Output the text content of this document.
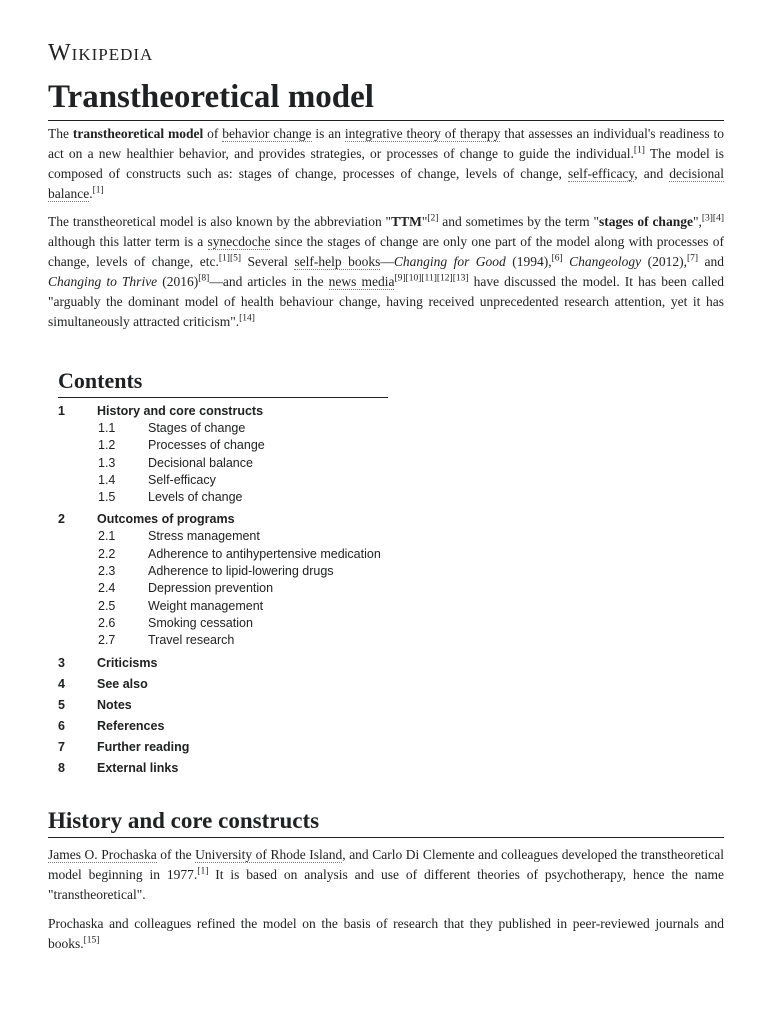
Wikipedia
Transtheoretical model

The transtheoretical model of behavior change is an integrative theory of therapy that assesses an individual's readiness to act on a new healthier behavior, and provides strategies, or processes of change to guide the individual.[1] The model is composed of constructs such as: stages of change, processes of change, levels of change, self-efficacy, and decisional balance.[1]

The transtheoretical model is also known by the abbreviation "TTM"[2] and sometimes by the term "stages of change",[3][4] although this latter term is a synecdoche since the stages of change are only one part of the model along with processes of change, levels of change, etc.[1][5] Several self-help books—Changing for Good (1994),[6] Changeology (2012),[7] and Changing to Thrive (2016)[8]—and articles in the news media[9][10][11][12][13] have discussed the model. It has been called "arguably the dominant model of health behaviour change, having received unprecedented research attention, yet it has simultaneously attracted criticism".[14]

Contents
1	History and core constructs
1.1	Stages of change
1.2	Processes of change
1.3	Decisional balance
1.4	Self-efficacy
1.5	Levels of change
2	Outcomes of programs
2.1	Stress management
2.2	Adherence to antihypertensive medication
2.3	Adherence to lipid-lowering drugs
2.4	Depression prevention
2.5	Weight management
2.6	Smoking cessation
2.7	Travel research
3	Criticisms
4	See also
5	Notes
6	References
7	Further reading
8	External links
History and core constructs

James O. Prochaska of the University of Rhode Island, and Carlo Di Clemente and colleagues developed the transtheoretical model beginning in 1977.[1] It is based on analysis and use of different theories of psychotherapy, hence the name "transtheoretical".

Prochaska and colleagues refined the model on the basis of research that they published in peer-reviewed journals and books.[15]
